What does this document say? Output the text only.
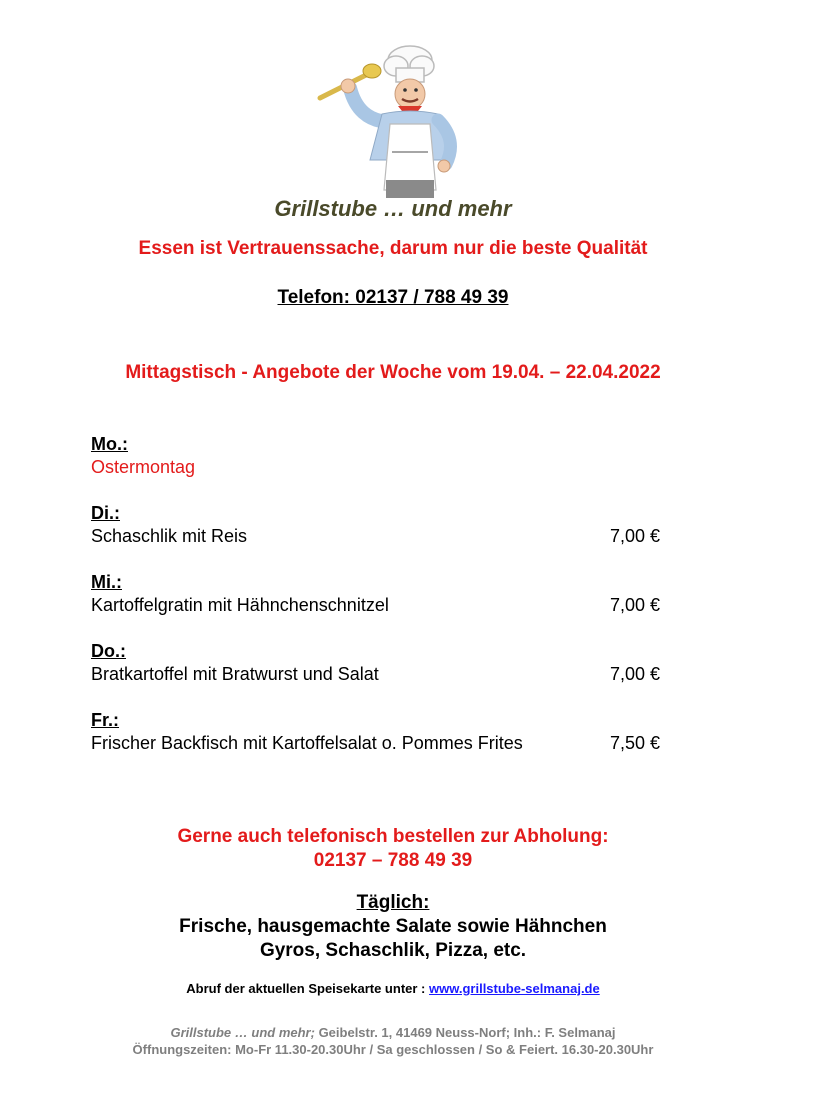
Grillstube … und mehr
Essen ist Vertrauenssache, darum nur die beste Qualität
Telefon: 02137 / 788 49 39
Mittagstisch - Angebote der Woche vom 19.04. – 22.04.2022
Mo.:
Ostermontag
Di.:
Schaschlik mit Reis	7,00 €
Mi.:
Kartoffelgratin mit Hähnchenschnitzel	7,00 €
Do.:
Bratkartoffel mit Bratwurst und Salat	7,00 €
Fr.:
Frischer Backfisch mit Kartoffelsalat o. Pommes Frites	7,50 €
Gerne auch telefonisch bestellen zur Abholung:
02137 – 788 49 39
Täglich:
Frische, hausgemachte Salate sowie Hähnchen
Gyros, Schaschlik, Pizza, etc.
Abruf der aktuellen Speisekarte unter : www.grillstube-selmanaj.de
Grillstube … und mehr; Geibelstr. 1, 41469 Neuss-Norf; Inh.: F. Selmanaj
Öffnungszeiten: Mo-Fr 11.30-20.30Uhr / Sa geschlossen / So & Feiert. 16.30-20.30Uhr
